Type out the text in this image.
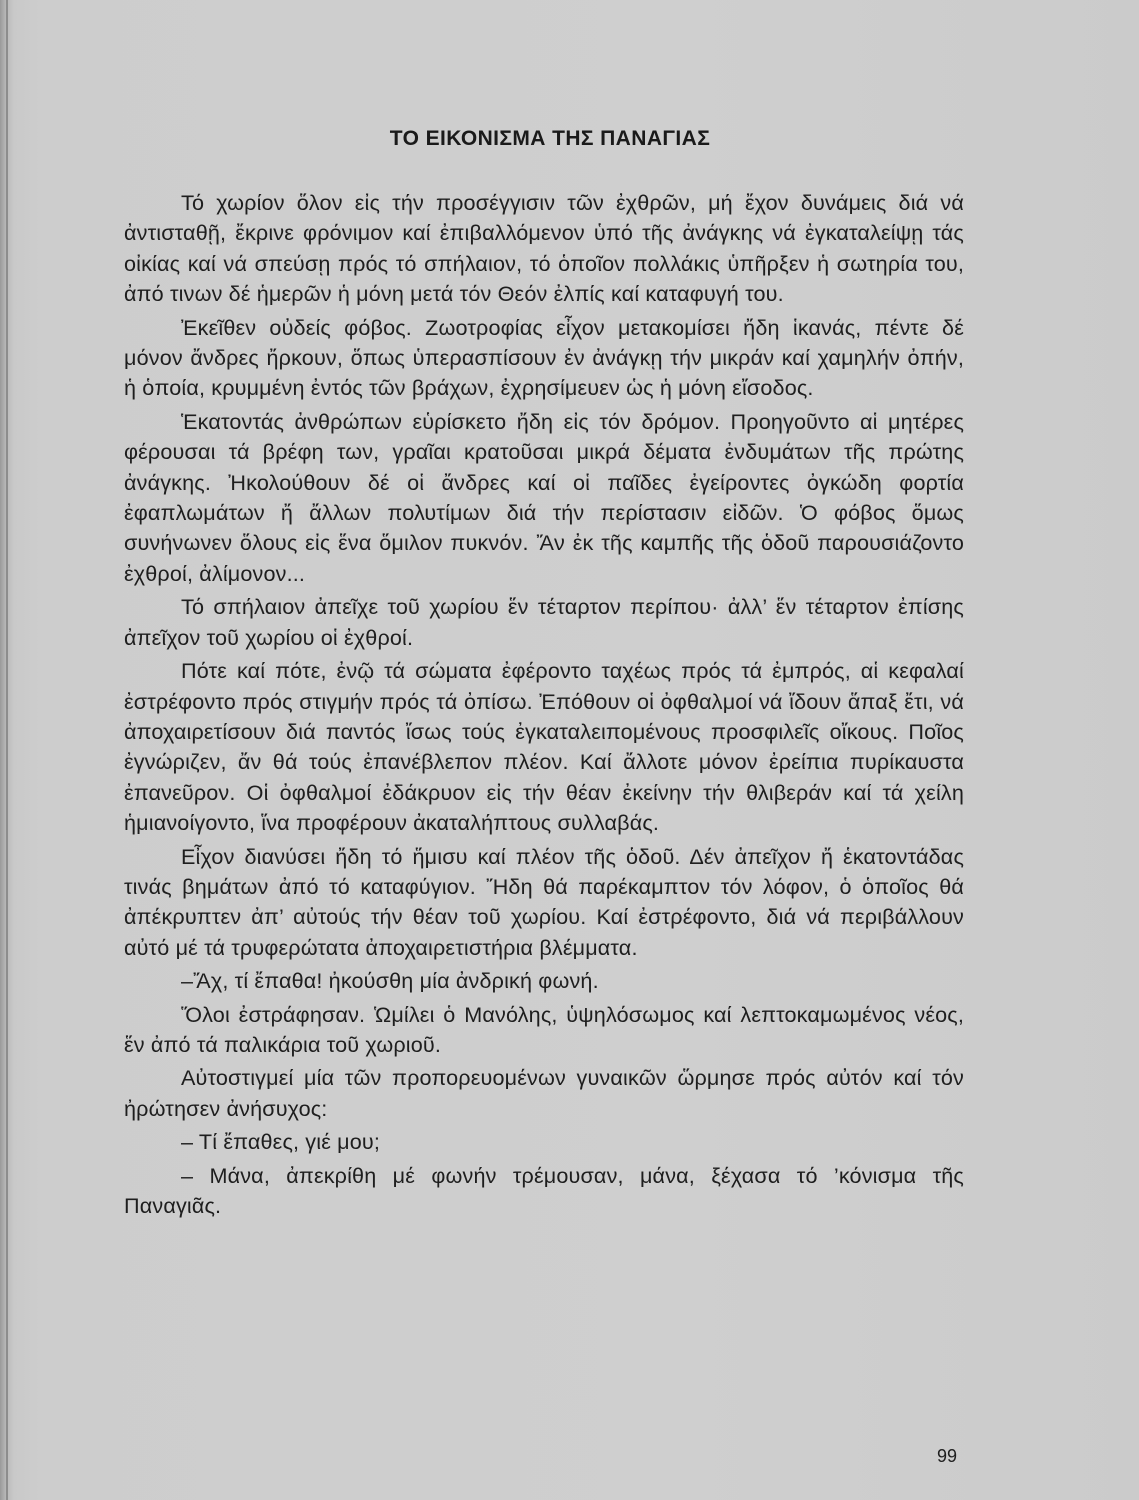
ΤΟ ΕΙΚΟΝΙΣΜΑ ΤΗΣ ΠΑΝΑΓΙΑΣ

Τό χωρίον ὅλον εἰς τήν προσέγγισιν τῶν ἐχθρῶν, μή ἔχον δυνάμεις διά νά ἀντισταθῇ, ἔκρινε φρόνιμον καί ἐπιβαλλόμενον ὑπό τῆς ἀνάγκης νά ἐγκαταλείψῃ τάς οἰκίας καί νά σπεύσῃ πρός τό σπήλαιον, τό ὁποῖον πολλάκις ὑπῆρξεν ἡ σωτηρία του, ἀπό τινων δέ ἡμερῶν ἡ μόνη μετά τόν Θεόν ἐλπίς καί καταφυγή του.

Ἐκεῖθεν οὐδείς φόβος. Ζωοτροφίας εἶχον μετακομίσει ἤδη ἱκανάς, πέντε δέ μόνον ἄνδρες ἤρκουν, ὅπως ὑπερασπίσουν ἐν ἀνάγκῃ τήν μικράν καί χαμηλήν ὀπήν, ἡ ὁποία, κρυμμένη ἐντός τῶν βράχων, ἐχρησίμευεν ὡς ἡ μόνη εἴσοδος.

Ἑκατοντάς ἀνθρώπων εὑρίσκετο ἤδη εἰς τόν δρόμον. Προηγοῦντο αἱ μητέρες φέρουσαι τά βρέφη των, γραῖαι κρατοῦσαι μικρά δέματα ἐνδυμάτων τῆς πρώτης ἀνάγκης. Ἠκολούθουν δέ οἱ ἄνδρες καί οἱ παῖδες ἐγείροντες ὀγκώδη φορτία ἐφαπλωμάτων ἤ ἄλλων πολυτίμων διά τήν περίστασιν εἰδῶν. Ὁ φόβος ὅμως συνήνωνεν ὅλους εἰς ἕνα ὅμιλον πυκνόν. Ἄν ἐκ τῆς καμπῆς τῆς ὁδοῦ παρουσιάζοντο ἐχθροί, ἀλίμονον...

Τό σπήλαιον ἀπεῖχε τοῦ χωρίου ἕν τέταρτον περίπου· ἀλλ’ ἕν τέταρτον ἐπίσης ἀπεῖχον τοῦ χωρίου οἱ ἐχθροί.

Πότε καί πότε, ἐνῷ τά σώματα ἐφέροντο ταχέως πρός τά ἐμπρός, αἱ κεφαλαί ἐστρέφοντο πρός στιγμήν πρός τά ὀπίσω. Ἐπόθουν οἱ ὀφθαλμοί νά ἴδουν ἅπαξ ἔτι, νά ἀποχαιρετίσουν διά παντός ἴσως τούς ἐγκαταλειπομένους προσφιλεῖς οἴκους. Ποῖος ἐγνώριζεν, ἄν θά τούς ἐπανέβλεπον πλέον. Καί ἄλλοτε μόνον ἐρείπια πυρίκαυστα ἐπανεῦρον. Οἱ ὀφθαλμοί ἐδάκρυον εἰς τήν θέαν ἐκείνην τήν θλιβεράν καί τά χείλη ἡμιανοίγοντο, ἵνα προφέρουν ἀκαταλήπτους συλλαβάς.

Εἶχον διανύσει ἤδη τό ἥμισυ καί πλέον τῆς ὁδοῦ. Δέν ἀπεῖχον ἤ ἑκατοντάδας τινάς βημάτων ἀπό τό καταφύγιον. Ἤδη θά παρέκαμπτον τόν λόφον, ὁ ὁποῖος θά ἀπέκρυπτεν ἀπ’ αὐτούς τήν θέαν τοῦ χωρίου. Καί ἐστρέφοντο, διά νά περιβάλλουν αὐτό μέ τά τρυφερώτατα ἀποχαιρετιστήρια βλέμματα.

–Ἄχ, τί ἔπαθα! ἠκούσθη μία ἀνδρική φωνή.

Ὅλοι ἐστράφησαν. Ὡμίλει ὁ Μανόλης, ὑψηλόσωμος καί λεπτοκαμωμένος νέος, ἕν ἀπό τά παλικάρια τοῦ χωριοῦ.

Αὐτοστιγμεί μία τῶν προπορευομένων γυναικῶν ὥρμησε πρός αὐτόν καί τόν ἠρώτησεν ἀνήσυχος:

– Τί ἔπαθες, γιέ μου;

– Μάνα, ἀπεκρίθη μέ φωνήν τρέμουσαν, μάνα, ξέχασα τό ’κόνισμα τῆς Παναγιᾶς.

99
